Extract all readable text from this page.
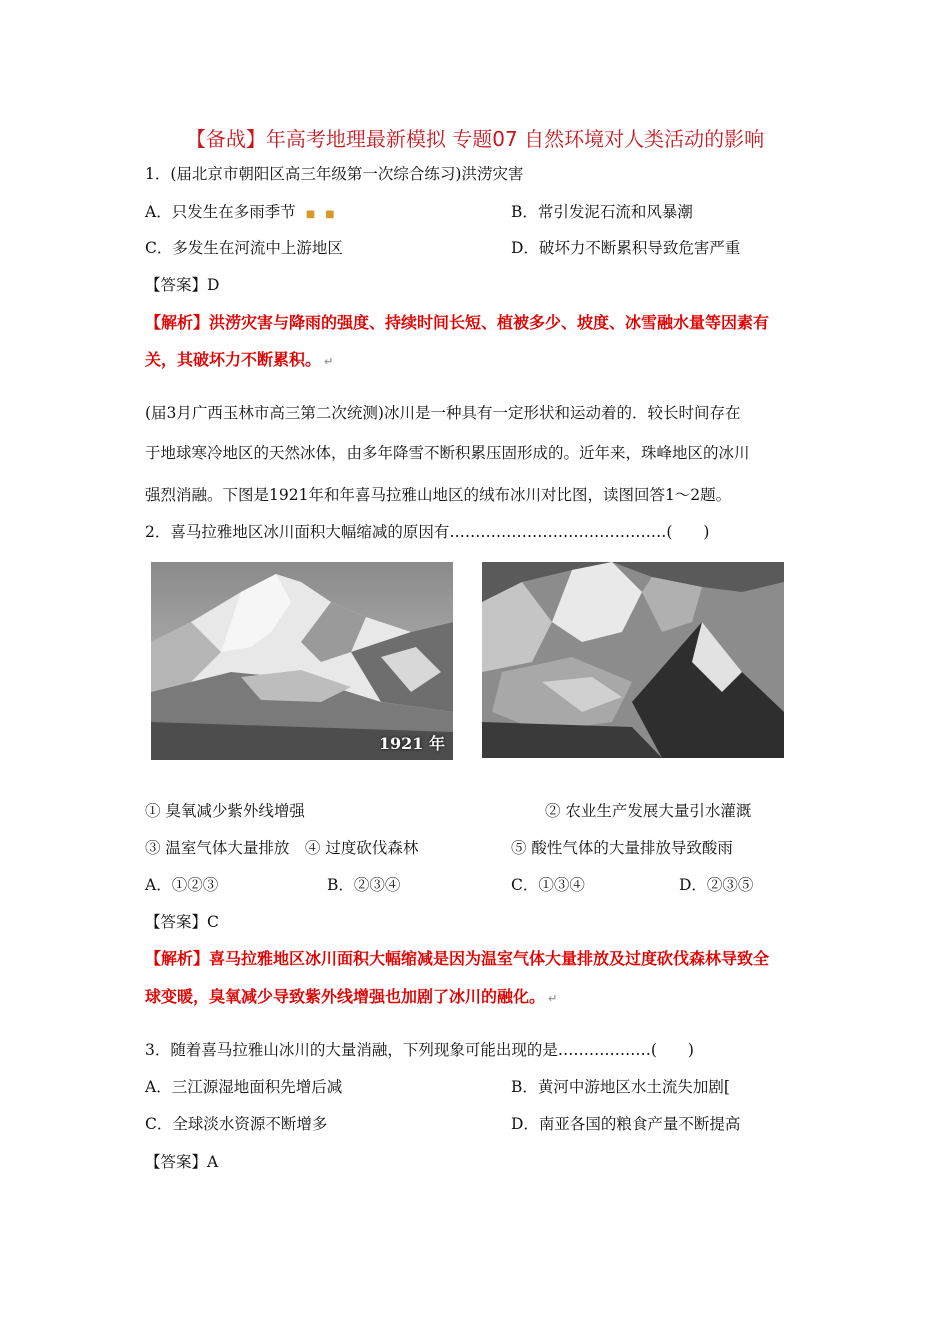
【备战】年高考地理最新模拟 专题07 自然环境对人类活动的影响
1．(届北京市朝阳区高三年级第一次综合练习)洪涝灾害
A．只发生在多雨季节　■　■	B．常引发泥石流和风暴潮
C．多发生在河流中上游地区	D．破坏力不断累积导致危害严重
【答案】D
【解析】洪涝灾害与降雨的强度、持续时间长短、植被多少、坡度、冰雪融水量等因素有
关，其破坏力不断累积。 ↵
(届3月广西玉林市高三第二次统测)冰川是一种具有一定形状和运动着的．较长时间存在
于地球寒冷地区的天然冰体，由多年降雪不断积累压固形成的。近年来，珠峰地区的冰川
强烈消融。下图是1921年和年喜马拉雅山地区的绒布冰川对比图，读图回答1～2题。
2．喜马拉雅地区冰川面积大幅缩减的原因有……………………………………(　　)
1921 年
① 臭氧减少紫外线增强	② 农业生产发展大量引水灌溉
③ 温室气体大量排放　④ 过度砍伐森林	⑤ 酸性气体的大量排放导致酸雨
A．①②③	B．②③④	C．①③④	D．②③⑤
【答案】C
【解析】喜马拉雅地区冰川面积大幅缩减是因为温室气体大量排放及过度砍伐森林导致全
球变暖，臭氧减少导致紫外线增强也加剧了冰川的融化。 ↵
3．随着喜马拉雅山冰川的大量消融，下列现象可能出现的是………………(　　)
A．三江源湿地面积先增后减	B．黄河中游地区水土流失加剧[
C．全球淡水资源不断增多	D．南亚各国的粮食产量不断提高
【答案】A
